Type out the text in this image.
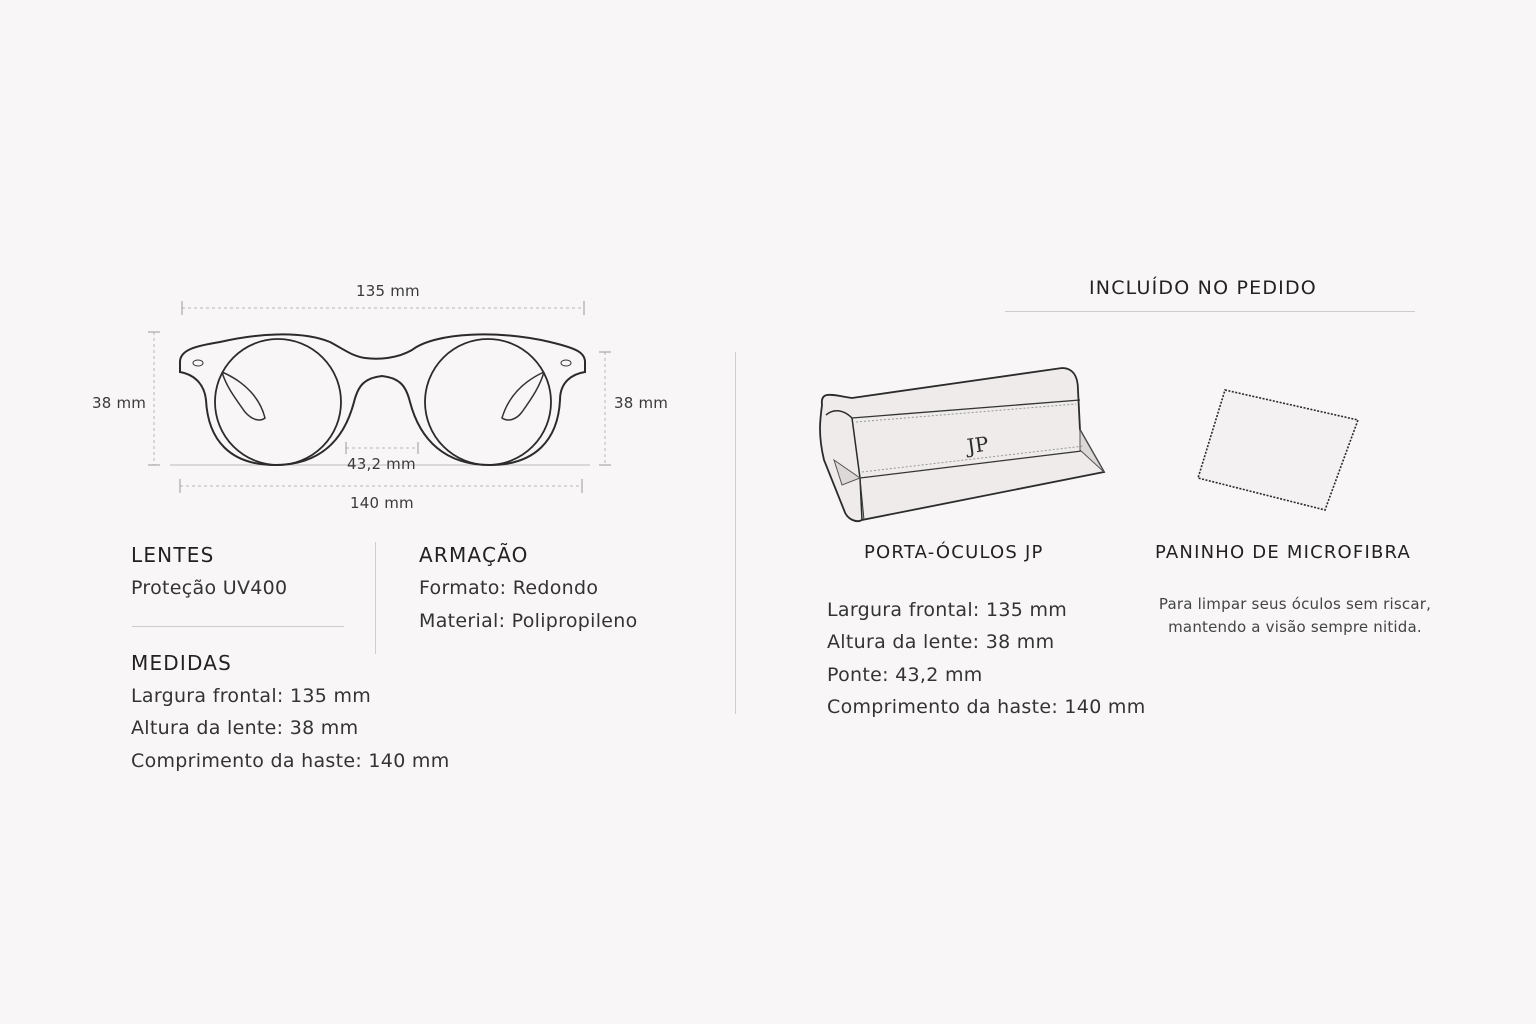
135 mm
38 mm	38 mm
43,2 mm
140 mm
LENTES
Proteção UV400
ARMAÇÃO
Formato: Redondo
Material: Polipropileno
MEDIDAS
Largura frontal: 135 mm
Altura da lente: 38 mm
Comprimento da haste: 140 mm
INCLUÍDO NO PEDIDO
JP
PORTA-ÓCULOS JP	PANINHO DE MICROFIBRA
Largura frontal: 135 mm
Altura da lente: 38 mm
Ponte: 43,2 mm
Comprimento da haste: 140 mm
Para limpar seus óculos sem riscar,
mantendo a visão sempre nitida.
